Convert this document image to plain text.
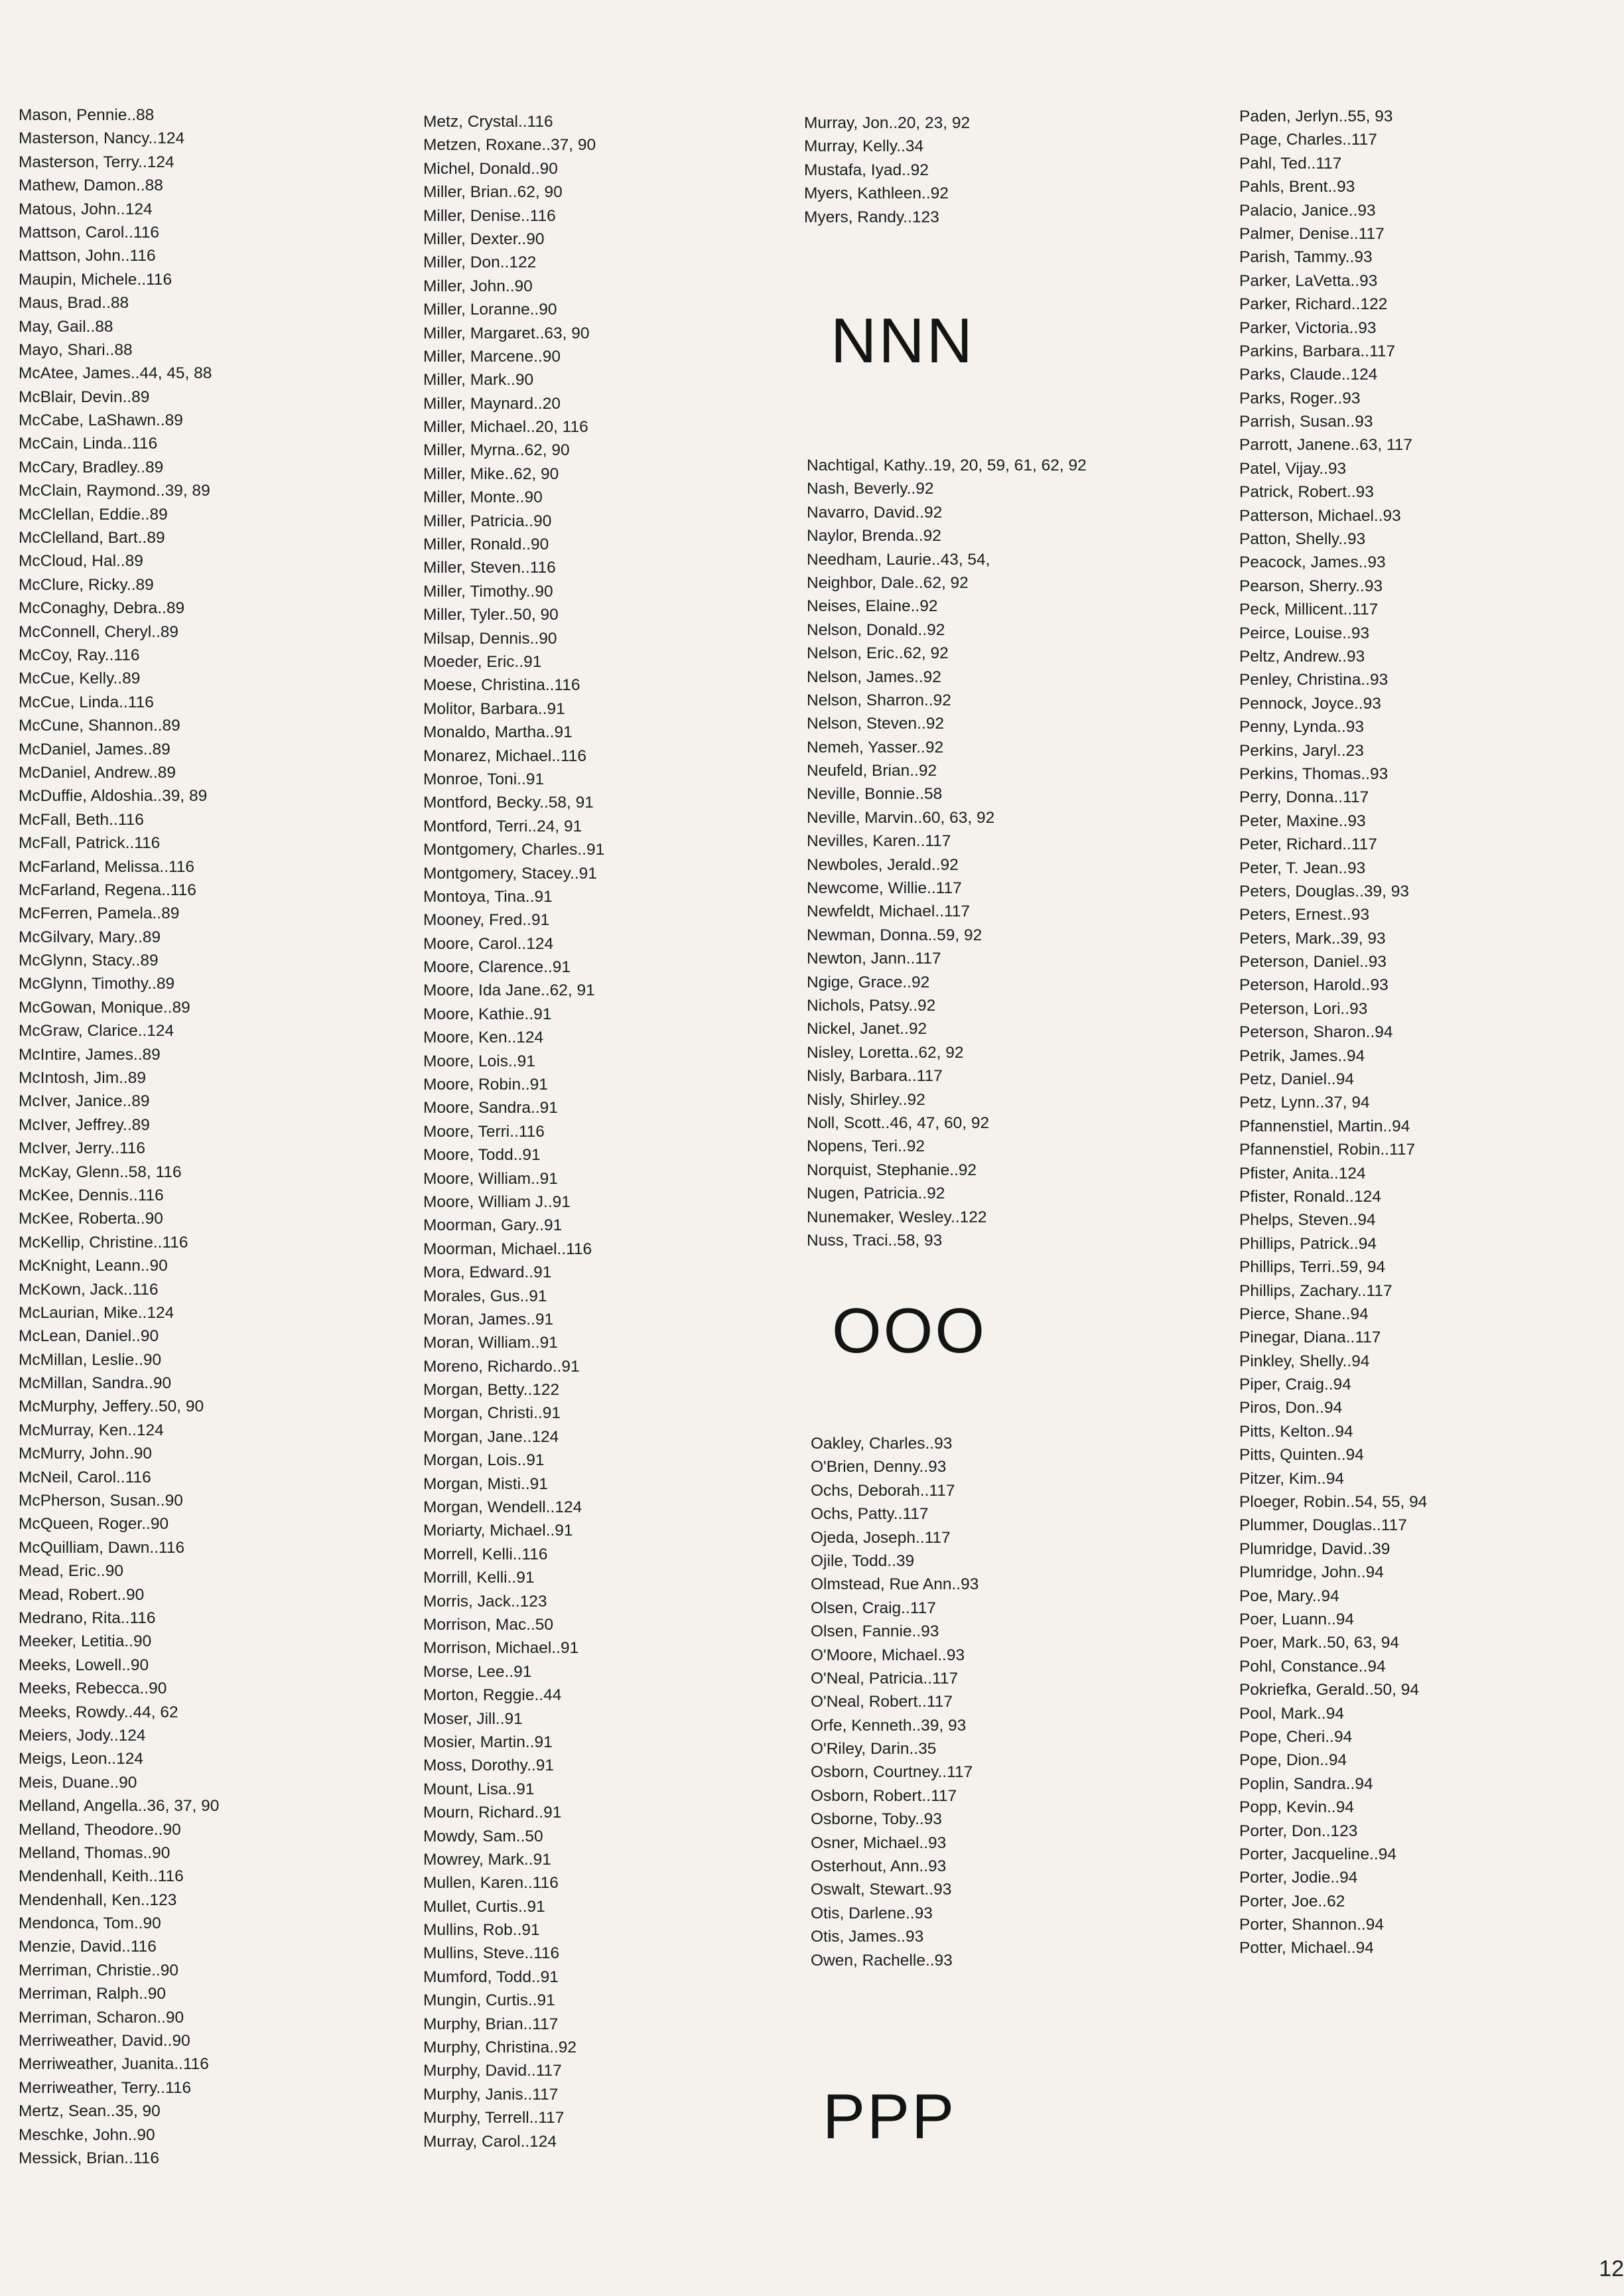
Mason, Pennie..88
Masterson, Nancy..124
Masterson, Terry..124
Mathew, Damon..88
Matous, John..124
Mattson, Carol..116
Mattson, John..116
Maupin, Michele..116
Maus, Brad..88
May, Gail..88
Mayo, Shari..88
McAtee, James..44, 45, 88
McBlair, Devin..89
McCabe, LaShawn..89
McCain, Linda..116
McCary, Bradley..89
McClain, Raymond..39, 89
McClellan, Eddie..89
McClelland, Bart..89
McCloud, Hal..89
McClure, Ricky..89
McConaghy, Debra..89
McConnell, Cheryl..89
McCoy, Ray..116
McCue, Kelly..89
McCue, Linda..116
McCune, Shannon..89
McDaniel, James..89
McDaniel, Andrew..89
McDuffie, Aldoshia..39, 89
McFall, Beth..116
McFall, Patrick..116
McFarland, Melissa..116
McFarland, Regena..116
McFerren, Pamela..89
McGilvary, Mary..89
McGlynn, Stacy..89
McGlynn, Timothy..89
McGowan, Monique..89
McGraw, Clarice..124
McIntire, James..89
McIntosh, Jim..89
McIver, Janice..89
McIver, Jeffrey..89
McIver, Jerry..116
McKay, Glenn..58, 116
McKee, Dennis..116
McKee, Roberta..90
McKellip, Christine..116
McKnight, Leann..90
McKown, Jack..116
McLaurian, Mike..124
McLean, Daniel..90
McMillan, Leslie..90
McMillan, Sandra..90
McMurphy, Jeffery..50, 90
McMurray, Ken..124
McMurry, John..90
McNeil, Carol..116
McPherson, Susan..90
McQueen, Roger..90
McQuilliam, Dawn..116
Mead, Eric..90
Mead, Robert..90
Medrano, Rita..116
Meeker, Letitia..90
Meeks, Lowell..90
Meeks, Rebecca..90
Meeks, Rowdy..44, 62
Meiers, Jody..124
Meigs, Leon..124
Meis, Duane..90
Melland, Angella..36, 37, 90
Melland, Theodore..90
Melland, Thomas..90
Mendenhall, Keith..116
Mendenhall, Ken..123
Mendonca, Tom..90
Menzie, David..116
Merriman, Christie..90
Merriman, Ralph..90
Merriman, Scharon..90
Merriweather, David..90
Merriweather, Juanita..116
Merriweather, Terry..116
Mertz, Sean..35, 90
Meschke, John..90
Messick, Brian..116
Metz, Crystal..116
Metzen, Roxane..37, 90
Michel, Donald..90
Miller, Brian..62, 90
Miller, Denise..116
Miller, Dexter..90
Miller, Don..122
Miller, John..90
Miller, Loranne..90
Miller, Margaret..63, 90
Miller, Marcene..90
Miller, Mark..90
Miller, Maynard..20
Miller, Michael..20, 116
Miller, Myrna..62, 90
Miller, Mike..62, 90
Miller, Monte..90
Miller, Patricia..90
Miller, Ronald..90
Miller, Steven..116
Miller, Timothy..90
Miller, Tyler..50, 90
Milsap, Dennis..90
Moeder, Eric..91
Moese, Christina..116
Molitor, Barbara..91
Monaldo, Martha..91
Monarez, Michael..116
Monroe, Toni..91
Montford, Becky..58, 91
Montford, Terri..24, 91
Montgomery, Charles..91
Montgomery, Stacey..91
Montoya, Tina..91
Mooney, Fred..91
Moore, Carol..124
Moore, Clarence..91
Moore, Ida Jane..62, 91
Moore, Kathie..91
Moore, Ken..124
Moore, Lois..91
Moore, Robin..91
Moore, Sandra..91
Moore, Terri..116
Moore, Todd..91
Moore, William..91
Moore, William J..91
Moorman, Gary..91
Moorman, Michael..116
Mora, Edward..91
Morales, Gus..91
Moran, James..91
Moran, William..91
Moreno, Richardo..91
Morgan, Betty..122
Morgan, Christi..91
Morgan, Jane..124
Morgan, Lois..91
Morgan, Misti..91
Morgan, Wendell..124
Moriarty, Michael..91
Morrell, Kelli..116
Morrill, Kelli..91
Morris, Jack..123
Morrison, Mac..50
Morrison, Michael..91
Morse, Lee..91
Morton, Reggie..44
Moser, Jill..91
Mosier, Martin..91
Moss, Dorothy..91
Mount, Lisa..91
Mourn, Richard..91
Mowdy, Sam..50
Mowrey, Mark..91
Mullen, Karen..116
Mullet, Curtis..91
Mullins, Rob..91
Mullins, Steve..116
Mumford, Todd..91
Mungin, Curtis..91
Murphy, Brian..117
Murphy, Christina..92
Murphy, David..117
Murphy, Janis..117
Murphy, Terrell..117
Murray, Carol..124
Murray, Jon..20, 23, 92
Murray, Kelly..34
Mustafa, Iyad..92
Myers, Kathleen..92
Myers, Randy..123
NNN
Nachtigal, Kathy..19, 20, 59, 61, 62, 92
Nash, Beverly..92
Navarro, David..92
Naylor, Brenda..92
Needham, Laurie..43, 54,
Neighbor, Dale..62, 92
Neises, Elaine..92
Nelson, Donald..92
Nelson, Eric..62, 92
Nelson, James..92
Nelson, Sharron..92
Nelson, Steven..92
Nemeh, Yasser..92
Neufeld, Brian..92
Neville, Bonnie..58
Neville, Marvin..60, 63, 92
Nevilles, Karen..117
Newboles, Jerald..92
Newcome, Willie..117
Newfeldt, Michael..117
Newman, Donna..59, 92
Newton, Jann..117
Ngige, Grace..92
Nichols, Patsy..92
Nickel, Janet..92
Nisley, Loretta..62, 92
Nisly, Barbara..117
Nisly, Shirley..92
Noll, Scott..46, 47, 60, 92
Nopens, Teri..92
Norquist, Stephanie..92
Nugen, Patricia..92
Nunemaker, Wesley..122
Nuss, Traci..58, 93
OOO
Oakley, Charles..93
O'Brien, Denny..93
Ochs, Deborah..117
Ochs, Patty..117
Ojeda, Joseph..117
Ojile, Todd..39
Olmstead, Rue Ann..93
Olsen, Craig..117
Olsen, Fannie..93
O'Moore, Michael..93
O'Neal, Patricia..117
O'Neal, Robert..117
Orfe, Kenneth..39, 93
O'Riley, Darin..35
Osborn, Courtney..117
Osborn, Robert..117
Osborne, Toby..93
Osner, Michael..93
Osterhout, Ann..93
Oswalt, Stewart..93
Otis, Darlene..93
Otis, James..93
Owen, Rachelle..93
PPP
Paden, Jerlyn..55, 93
Page, Charles..117
Pahl, Ted..117
Pahls, Brent..93
Palacio, Janice..93
Palmer, Denise..117
Parish, Tammy..93
Parker, LaVetta..93
Parker, Richard..122
Parker, Victoria..93
Parkins, Barbara..117
Parks, Claude..124
Parks, Roger..93
Parrish, Susan..93
Parrott, Janene..63, 117
Patel, Vijay..93
Patrick, Robert..93
Patterson, Michael..93
Patton, Shelly..93
Peacock, James..93
Pearson, Sherry..93
Peck, Millicent..117
Peirce, Louise..93
Peltz, Andrew..93
Penley, Christina..93
Pennock, Joyce..93
Penny, Lynda..93
Perkins, Jaryl..23
Perkins, Thomas..93
Perry, Donna..117
Peter, Maxine..93
Peter, Richard..117
Peter, T. Jean..93
Peters, Douglas..39, 93
Peters, Ernest..93
Peters, Mark..39, 93
Peterson, Daniel..93
Peterson, Harold..93
Peterson, Lori..93
Peterson, Sharon..94
Petrik, James..94
Petz, Daniel..94
Petz, Lynn..37, 94
Pfannenstiel, Martin..94
Pfannenstiel, Robin..117
Pfister, Anita..124
Pfister, Ronald..124
Phelps, Steven..94
Phillips, Patrick..94
Phillips, Terri..59, 94
Phillips, Zachary..117
Pierce, Shane..94
Pinegar, Diana..117
Pinkley, Shelly..94
Piper, Craig..94
Piros, Don..94
Pitts, Kelton..94
Pitts, Quinten..94
Pitzer, Kim..94
Ploeger, Robin..54, 55, 94
Plummer, Douglas..117
Plumridge, David..39
Plumridge, John..94
Poe, Mary..94
Poer, Luann..94
Poer, Mark..50, 63, 94
Pohl, Constance..94
Pokriefka, Gerald..50, 94
Pool, Mark..94
Pope, Cheri..94
Pope, Dion..94
Poplin, Sandra..94
Popp, Kevin..94
Porter, Don..123
Porter, Jacqueline..94
Porter, Jodie..94
Porter, Joe..62
Porter, Shannon..94
Potter, Michael..94
12
